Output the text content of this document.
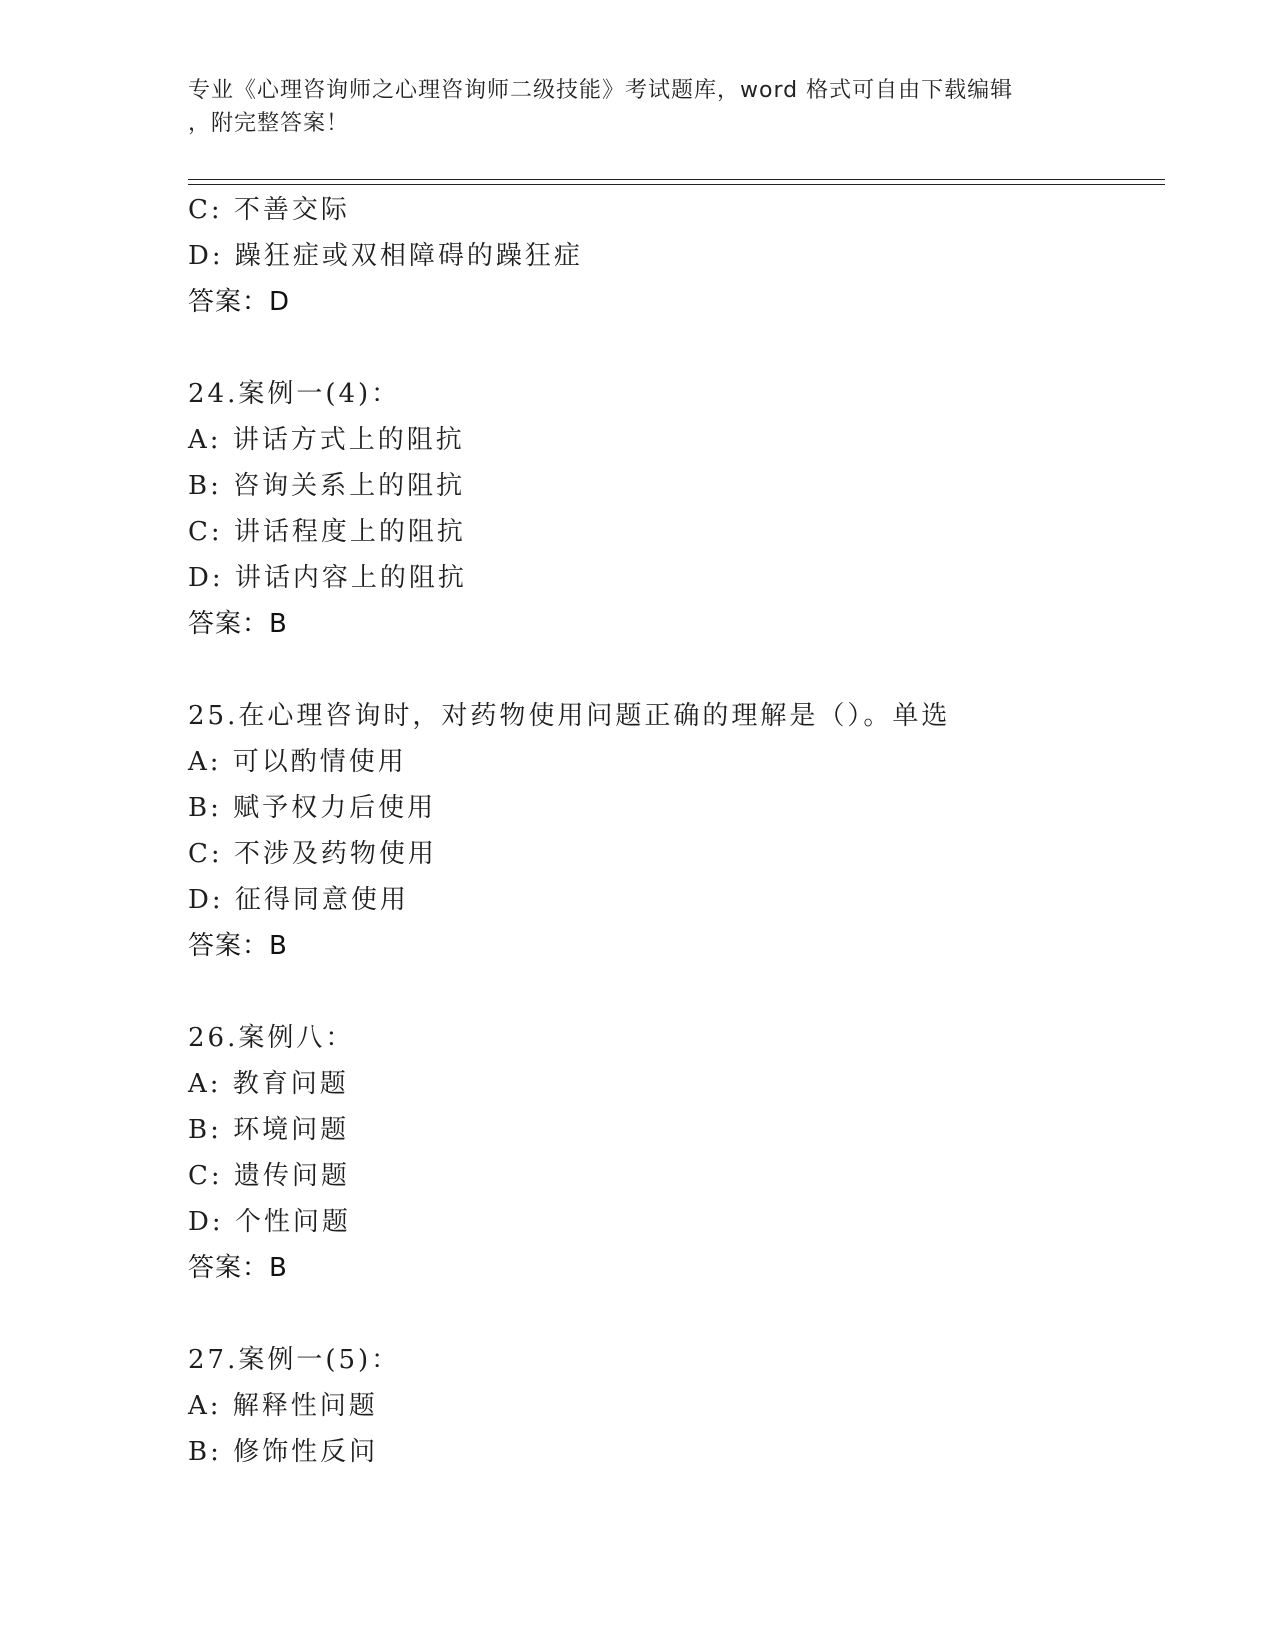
专业《心理咨询师之心理咨询师二级技能》考试题库，word 格式可自由下载编辑
，附完整答案！
C: 不善交际
D: 躁狂症或双相障碍的躁狂症
答案：D
24.案例一(4)：
A: 讲话方式上的阻抗
B: 咨询关系上的阻抗
C: 讲话程度上的阻抗
D: 讲话内容上的阻抗
答案：B
25.在心理咨询时，对药物使用问题正确的理解是（）。单选
A: 可以酌情使用
B: 赋予权力后使用
C: 不涉及药物使用
D: 征得同意使用
答案：B
26.案例八：
A: 教育问题
B: 环境问题
C: 遗传问题
D: 个性问题
答案：B
27.案例一(5)：
A: 解释性问题
B: 修饰性反问
